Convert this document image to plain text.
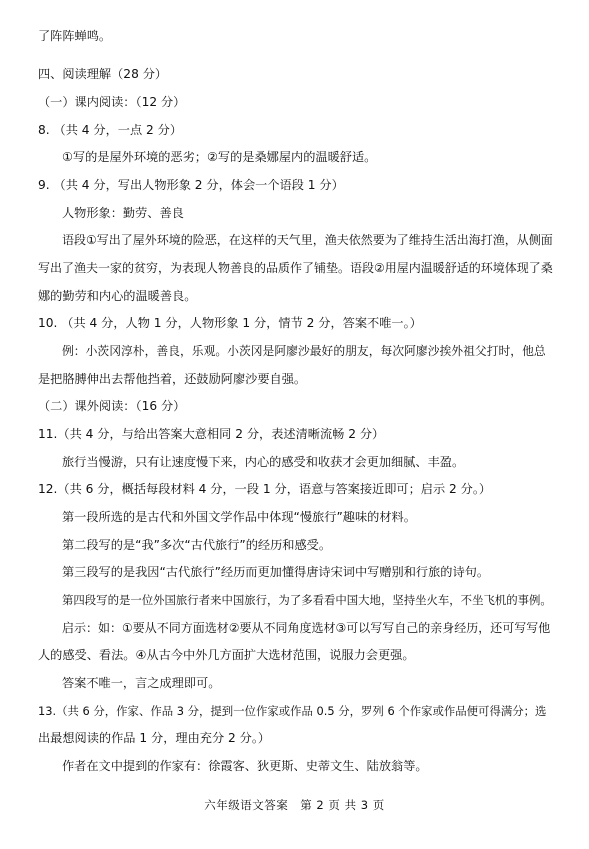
了阵阵蝉鸣。
四、阅读理解（28 分）
（一）课内阅读：（12 分）
8. （共 4 分，一点 2 分）
①写的是屋外环境的恶劣；②写的是桑娜屋内的温暖舒适。
9. （共 4 分，写出人物形象 2 分，体会一个语段 1 分）
人物形象：勤劳、善良
语段①写出了屋外环境的险恶，在这样的天气里，渔夫依然要为了维持生活出海打渔，从侧面
写出了渔夫一家的贫穷，为表现人物善良的品质作了铺垫。语段②用屋内温暖舒适的环境体现了桑
娜的勤劳和内心的温暖善良。
10. （共 4 分，人物 1 分，人物形象 1 分，情节 2 分，答案不唯一。）
例：小茨冈淳朴，善良，乐观。小茨冈是阿廖沙最好的朋友，每次阿廖沙挨外祖父打时，他总
是把胳膊伸出去帮他挡着，还鼓励阿廖沙要自强。
（二）课外阅读：（16 分）
11.（共 4 分，与给出答案大意相同 2 分，表述清晰流畅 2 分）
旅行当慢游，只有让速度慢下来，内心的感受和收获才会更加细腻、丰盈。
12.（共 6 分，概括每段材料 4 分，一段 1 分，语意与答案接近即可；启示 2 分。）
第一段所选的是古代和外国文学作品中体现“慢旅行”趣味的材料。
第二段写的是“我”多次“古代旅行”的经历和感受。
第三段写的是我因“古代旅行”经历而更加懂得唐诗宋词中写赠别和行旅的诗句。
第四段写的是一位外国旅行者来中国旅行，为了多看看中国大地，坚持坐火车，不坐飞机的事例。
启示：如：①要从不同方面选材②要从不同角度选材③可以写写自己的亲身经历，还可写写他
人的感受、看法。④从古今中外几方面扩大选材范围，说服力会更强。
答案不唯一，言之成理即可。
13.（共 6 分，作家、作品 3 分，提到一位作家或作品 0.5 分，罗列 6 个作家或作品便可得满分；选
出最想阅读的作品 1 分，理由充分 2 分。）
作者在文中提到的作家有：徐霞客、狄更斯、史蒂文生、陆放翁等。
六年级语文答案　第 2 页 共 3 页
